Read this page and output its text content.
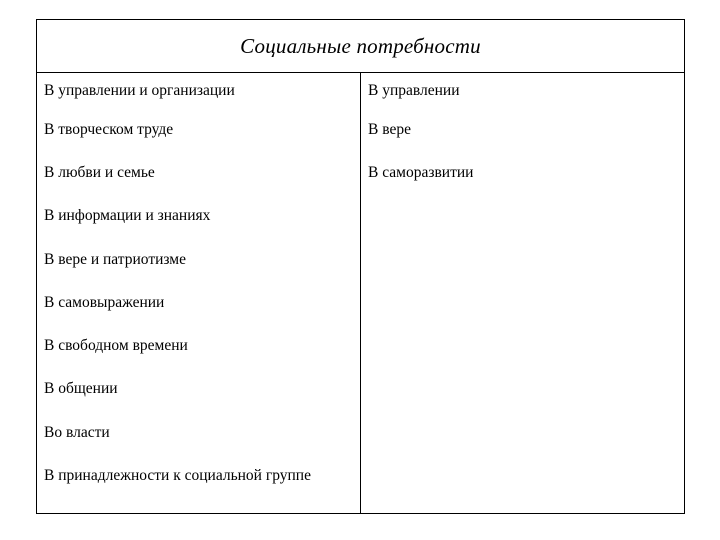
Социальные потребности
В управлении и организации
В творческом труде
В любви и семье
В информации и знаниях
В вере и патриотизме
В самовыражении
В свободном времени
В общении
Во власти
В принадлежности к социальной группе
В управлении
В вере
В саморазвитии
